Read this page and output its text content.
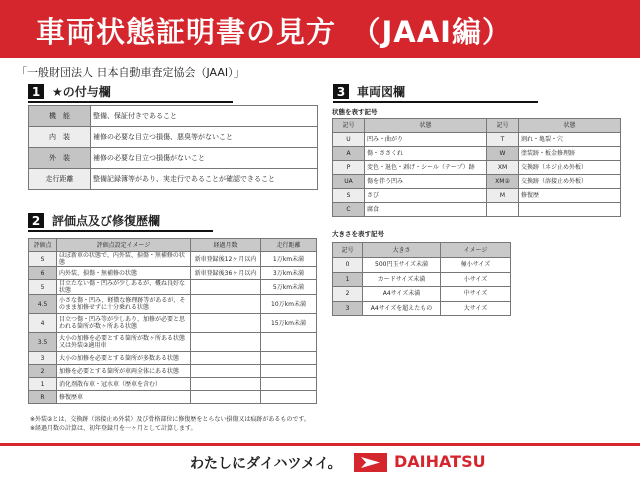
車両状態証明書の見方　（JAAI編）
「一般財団法人 日本自動車査定協会（JAAI）」
1 ★の付与欄
機　能	整備、保証付きであること
内　装	補修の必要な目立つ損傷、悪臭等がないこと
外　装	補修の必要な目立つ損傷がないこと
走行距離	整備記録簿等があり、実走行であることが確認できること
2 評価点及び修復歴欄
評価点	評価点設定イメージ	経過月数	走行距離
S	ほぼ新車の状態で、内外装、損傷・無補修の状態	新車登録後12ヶ月以内	1万km未満
6	内外装、損傷・無補修の状態	新車登録後36ヶ月以内	3万km未満
5	目立たない傷・凹みが少しあるが、概ね良好な状態		5万km未満
4.5	小さな傷・凹み、軽微な修理跡等があるが、そのまま加修せずに十分乗れる状態		10万km未満
4	目立つ傷・凹み等が少しあり、加修が必要と思われる箇所が数ヶ所ある状態		15万km未満
3.5	大小の加修を必要とする箇所が数ヶ所ある状態又は外装②適用車		
3	大小の加修を必要とする箇所が多数ある状態		
2	加修を必要とする箇所が車両全体にある状態		
1	消化剤散布車・冠水車（歴車を含む）		
R	修復歴車		
※外装②とは、交換跡（溶接止め外装）及び骨格部位に修復歴をとらない損傷又は痕跡があるものです。
※経過月数の計算は、初年登録月を一ヶ月として計算します。
3 車両図欄
状態を表す記号
記号	状態	記号	状態
U	凹み・曲がり	T	割れ・亀裂・穴
A	傷・ささくれ	W	塗装跡・板金修理跡
P	変色・退色・剥げ・シール（テープ）跡	XM	交換跡（ネジ止め外板）
UA	傷を伴う凹み	XM②	交換跡（溶接止め外板）
S	さび	M	修復歴
C	腐食		
大きさを表す記号
記号	大きさ	イメージ
0	500円玉サイズ未満	極小サイズ
1	カードサイズ未満	小サイズ
2	A4サイズ未満	中サイズ
3	A4サイズを超えたもの	大サイズ
わたしにダイハツメイ。	DAIHATSU
